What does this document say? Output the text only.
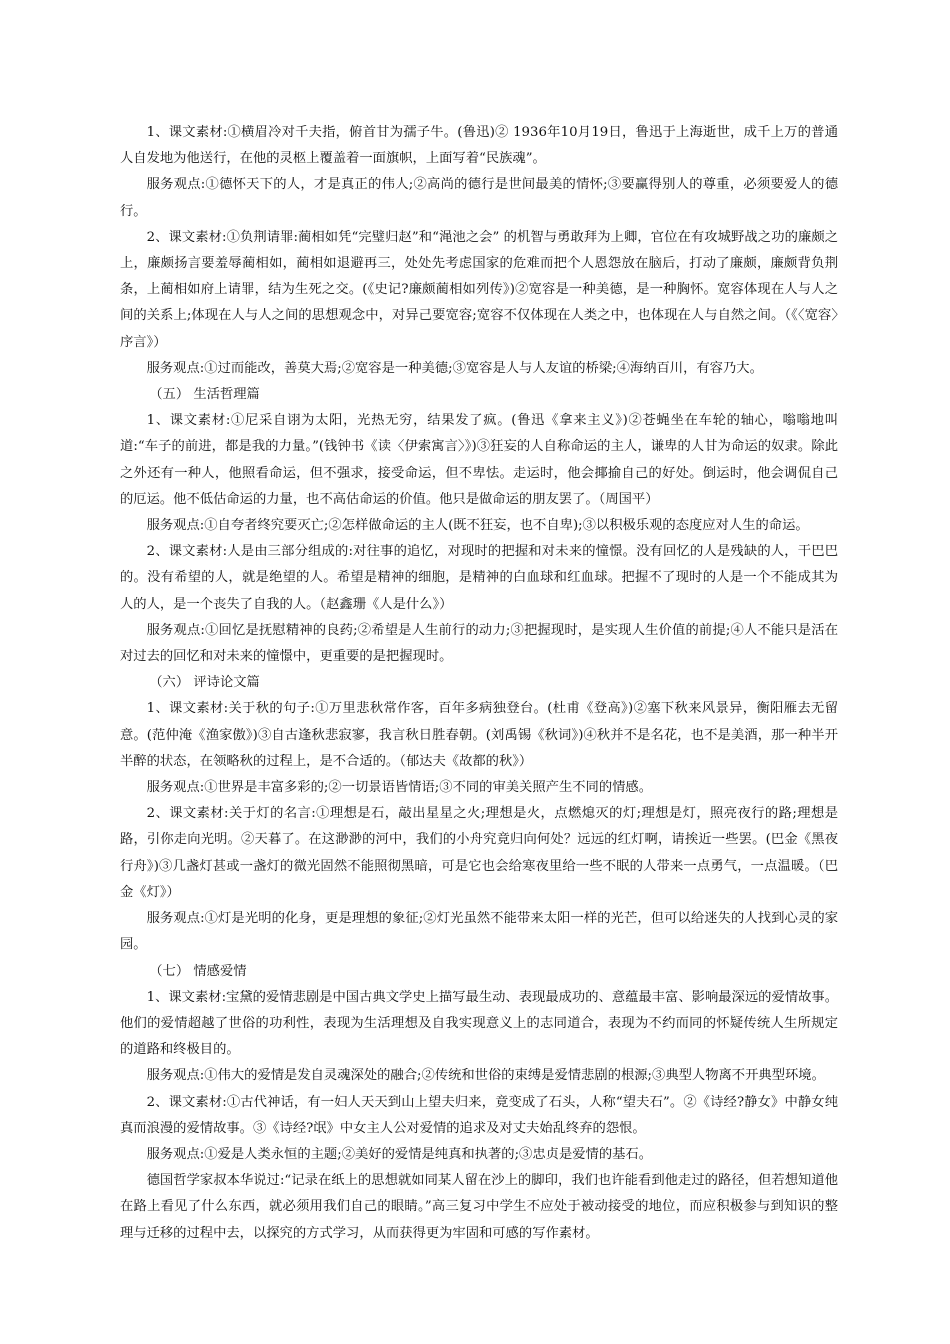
1、课文素材:①横眉冷对千夫指，俯首甘为孺子牛。(鲁迅)② 1936年10月19日，鲁迅于上海逝世，成千上万的普通人自发地为他送行，在他的灵柩上覆盖着一面旗帜，上面写着“民族魂”。

服务观点:①德怀天下的人，才是真正的伟人;②高尚的德行是世间最美的情怀;③要赢得别人的尊重，必须要爱人的德行。

2、课文素材:①负荆请罪:蔺相如凭“完璧归赵”和“渑池之会” 的机智与勇敢拜为上卿，官位在有攻城野战之功的廉颇之上，廉颇扬言要羞辱蔺相如，蔺相如退避再三，处处先考虑国家的危难而把个人恩怨放在脑后，打动了廉颇，廉颇背负荆条，上蔺相如府上请罪，结为生死之交。(《史记?廉颇蔺相如列传》)②宽容是一种美德，是一种胸怀。宽容体现在人与人之间的关系上;体现在人与人之间的思想观念中，对异己要宽容;宽容不仅体现在人类之中，也体现在人与自然之间。（《〈宽容〉序言》）

服务观点:①过而能改，善莫大焉;②宽容是一种美德;③宽容是人与人友谊的桥梁;④海纳百川，有容乃大。

（五） 生活哲理篇

1、课文素材:①尼采自诩为太阳，光热无穷，结果发了疯。(鲁迅《拿来主义》)②苍蝇坐在车轮的轴心，嗡嗡地叫道:“车子的前进，都是我的力量。”(钱钟书《读〈伊索寓言〉》)③狂妄的人自称命运的主人，谦卑的人甘为命运的奴隶。除此之外还有一种人，他照看命运，但不强求，接受命运，但不卑怯。走运时，他会揶揄自己的好处。倒运时，他会调侃自己的厄运。他不低估命运的力量，也不高估命运的价值。他只是做命运的朋友罢了。（周国平）

服务观点:①自夸者终究要灭亡;②怎样做命运的主人(既不狂妄，也不自卑);③以积极乐观的态度应对人生的命运。

2、课文素材:人是由三部分组成的:对往事的追忆，对现时的把握和对未来的憧憬。没有回忆的人是残缺的人，干巴巴的。没有希望的人，就是绝望的人。希望是精神的细胞，是精神的白血球和红血球。把握不了现时的人是一个不能成其为人的人，是一个丧失了自我的人。（赵鑫珊《人是什么》）

服务观点:①回忆是抚慰精神的良药;②希望是人生前行的动力;③把握现时，是实现人生价值的前提;④人不能只是活在对过去的回忆和对未来的憧憬中，更重要的是把握现时。

（六） 评诗论文篇

1、课文素材:关于秋的句子:①万里悲秋常作客，百年多病独登台。(杜甫《登高》)②塞下秋来风景异，衡阳雁去无留意。(范仲淹《渔家傲》)③自古逢秋悲寂寥，我言秋日胜春朝。(刘禹锡《秋词》)④秋并不是名花，也不是美酒，那一种半开半醉的状态，在领略秋的过程上，是不合适的。（郁达夫《故都的秋》）

服务观点:①世界是丰富多彩的;②一切景语皆情语;③不同的审美关照产生不同的情感。

2、课文素材:关于灯的名言:①理想是石，敲出星星之火;理想是火，点燃熄灭的灯;理想是灯，照亮夜行的路;理想是路，引你走向光明。②天暮了。在这渺渺的河中，我们的小舟究竟归向何处？远远的红灯啊，请挨近一些罢。(巴金《黑夜行舟》)③几盏灯甚或一盏灯的微光固然不能照彻黑暗，可是它也会给寒夜里给一些不眠的人带来一点勇气，一点温暖。（巴金《灯》）

服务观点:①灯是光明的化身，更是理想的象征;②灯光虽然不能带来太阳一样的光芒，但可以给迷失的人找到心灵的家园。

（七） 情感爱情

1、课文素材:宝黛的爱情悲剧是中国古典文学史上描写最生动、表现最成功的、意蕴最丰富、影响最深远的爱情故事。他们的爱情超越了世俗的功利性，表现为生活理想及自我实现意义上的志同道合，表现为不约而同的怀疑传统人生所规定的道路和终极目的。

服务观点:①伟大的爱情是发自灵魂深处的融合;②传统和世俗的束缚是爱情悲剧的根源;③典型人物离不开典型环境。

2、课文素材:①古代神话，有一妇人天天到山上望夫归来，竟变成了石头，人称“望夫石”。②《诗经?静女》中静女纯真而浪漫的爱情故事。③《诗经?氓》中女主人公对爱情的追求及对丈夫始乱终弃的怨恨。

服务观点:①爱是人类永恒的主题;②美好的爱情是纯真和执著的;③忠贞是爱情的基石。

德国哲学家叔本华说过:“记录在纸上的思想就如同某人留在沙上的脚印，我们也许能看到他走过的路径，但若想知道他在路上看见了什么东西，就必须用我们自己的眼睛。”高三复习中学生不应处于被动接受的地位，而应积极参与到知识的整理与迁移的过程中去，以探究的方式学习，从而获得更为牢固和可感的写作素材。
